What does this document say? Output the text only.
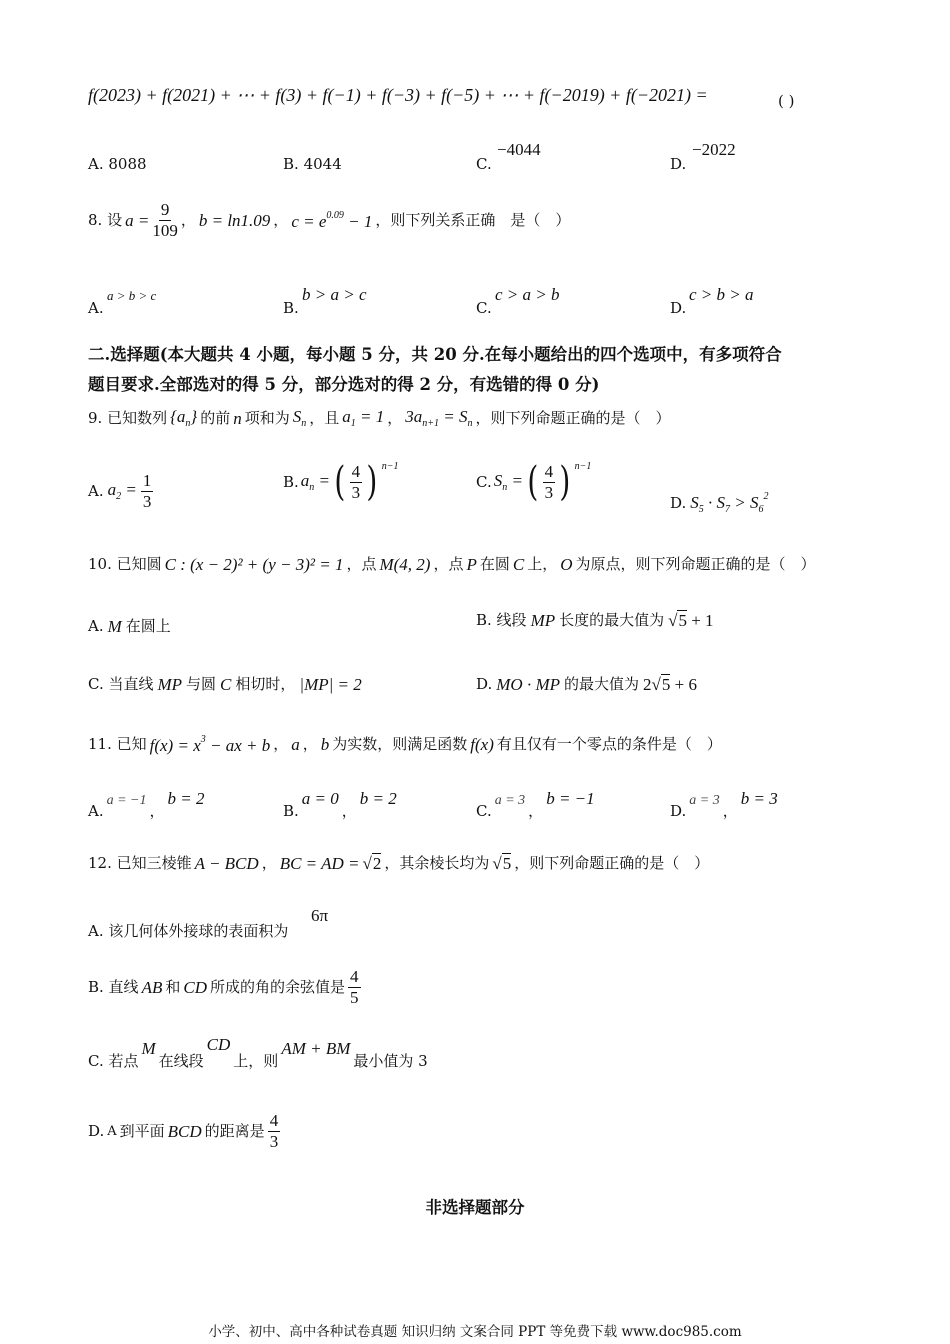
f(2023) + f(2021) + ⋯ + f(3) + f(−1) + f(−3) + f(−5) + ⋯ + f(−2019) + f(−2021) =	( )
A. 8088	B. 4044	C.
−4044
D.
−2022
8. 设 $a = \frac{9}{109}$ ， b = ln1.09 ， $c = e^{0.09} - 1$ ，则下列关系正确　是（　）
A.
a > b > c
B.
b > a > c
C.
c > a > b
D.
c > b > a
二.选择题(本大题共 4 小题，每小题 5 分，共 20 分.在每小题给出的四个选项中，有多项符合
题目要求.全部选对的得 5 分，部分选对的得 2 分，有选错的得 0 分)
9. 已知数列 $\{a_n\}$ 的前 n 项和为 $S_n$ ，且 $a_1 = 1$ ， $3a_{n+1} = S_n$ ，则下列命题正确的是（　）
A. $a_2 = \frac{1}{3}$	B. $a_n$ = ( $\frac{4}{3}$ ) n−1
C. $S_n$ = ( $\frac{4}{3}$ ) n−1
D. $S_5 \cdot S_7 > S_6^2$
10. 已知圆 C : (x − 2)² + (y − 3)² = 1 ，点 M(4, 2) ，点 P 在圆 C 上， O 为原点，则下列命题正确的是（　）
A. M 在圆上	B. 线段 MP 长度的最大值为 √5 + 1
C. 当直线 MP 与圆 C 相切时， |MP| = 2	D. MO · MP 的最大值为 2√5 + 6
11. 已知 $f(x) = x^3$ − ax + b ， a ， b 为实数，则满足函数 f(x) 有且仅有一个零点的条件是（　）
A.
a = −1
，
b = 2
B.
a = 0
，
b = 2
C.
a = 3
，
b = −1
D.
a = 3
，
b = 3
12. 已知三棱锥 A − BCD ， BC = AD = √2 ，其余棱长均为 √5 ，则下列命题正确的是（　）
A. 该几何体外接球的表面积为
6π
B. 直线 AB 和 CD 所成的角的余弦值是 $\frac{4}{5}$
C. 若点
M
在线段
CD
上，则
AM + BM
最小值为 3
D. A 到平面 BCD 的距离是 $\frac{4}{3}$
非选择题部分
小学、初中、高中各种试卷真题 知识归纳 文案合同 PPT 等免费下载 www.doc985.com
